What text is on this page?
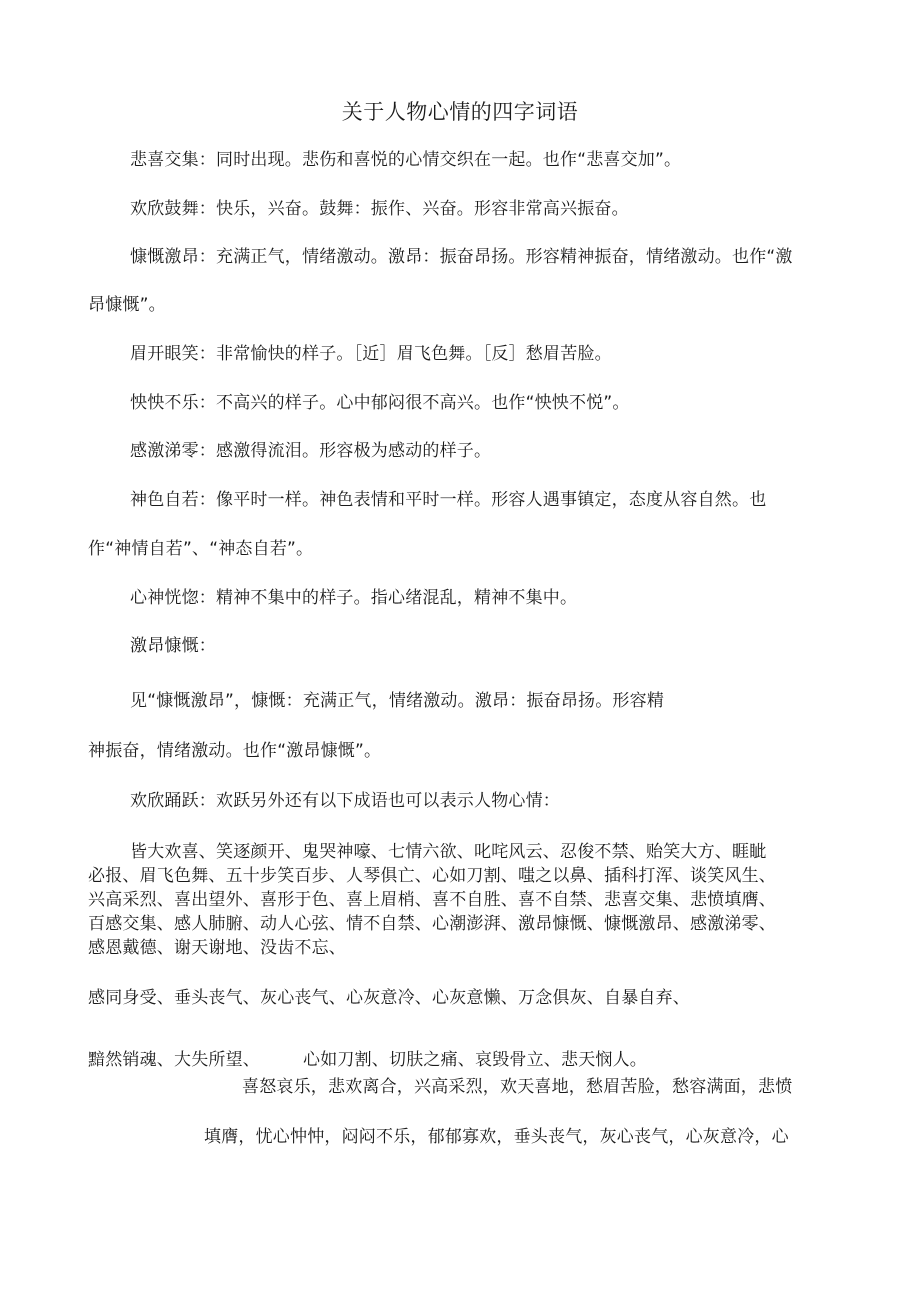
关于人物心情的四字词语
悲喜交集：同时出现。悲伤和喜悦的心情交织在一起。也作“悲喜交加”。
欢欣鼓舞：快乐，兴奋。鼓舞：振作、兴奋。形容非常高兴振奋。
慷慨激昂：充满正气，情绪激动。激昂：振奋昂扬。形容精神振奋，情绪激动。也作“激
昂慷慨”。
眉开眼笑：非常愉快的样子。［近］眉飞色舞。［反］愁眉苦脸。
怏怏不乐：不高兴的样子。心中郁闷很不高兴。也作“怏怏不悦”。
感激涕零：感激得流泪。形容极为感动的样子。
神色自若：像平时一样。神色表情和平时一样。形容人遇事镇定，态度从容自然。也
作“神情自若”、“神态自若”。
心神恍惚：精神不集中的样子。指心绪混乱，精神不集中。
激昂慷慨：
见“慷慨激昂”，慷慨：充满正气，情绪激动。激昂：振奋昂扬。形容精
神振奋，情绪激动。也作“激昂慷慨”。
欢欣踊跃：欢跃另外还有以下成语也可以表示人物心情：
皆大欢喜、笑逐颜开、鬼哭神嚎、七情六欲、叱咤风云、忍俊不禁、贻笑大方、睚眦
必报、眉飞色舞、五十步笑百步、人琴俱亡、心如刀割、嗤之以鼻、插科打浑、谈笑风生、
兴高采烈、喜出望外、喜形于色、喜上眉梢、喜不自胜、喜不自禁、悲喜交集、悲愤填膺、
百感交集、感人肺腑、动人心弦、情不自禁、心潮澎湃、激昂慷慨、慷慨激昂、感激涕零、
感恩戴德、谢天谢地、没齿不忘、
感同身受、垂头丧气、灰心丧气、心灰意冷、心灰意懒、万念俱灰、自暴自弃、
黯然销魂、大失所望、	心如刀割、切肤之痛、哀毁骨立、悲天悯人。
喜怒哀乐，悲欢离合，兴高采烈，欢天喜地，愁眉苦脸，愁容满面，悲愤
填膺，忧心忡忡，闷闷不乐，郁郁寡欢，垂头丧气，灰心丧气，心灰意冷，心
